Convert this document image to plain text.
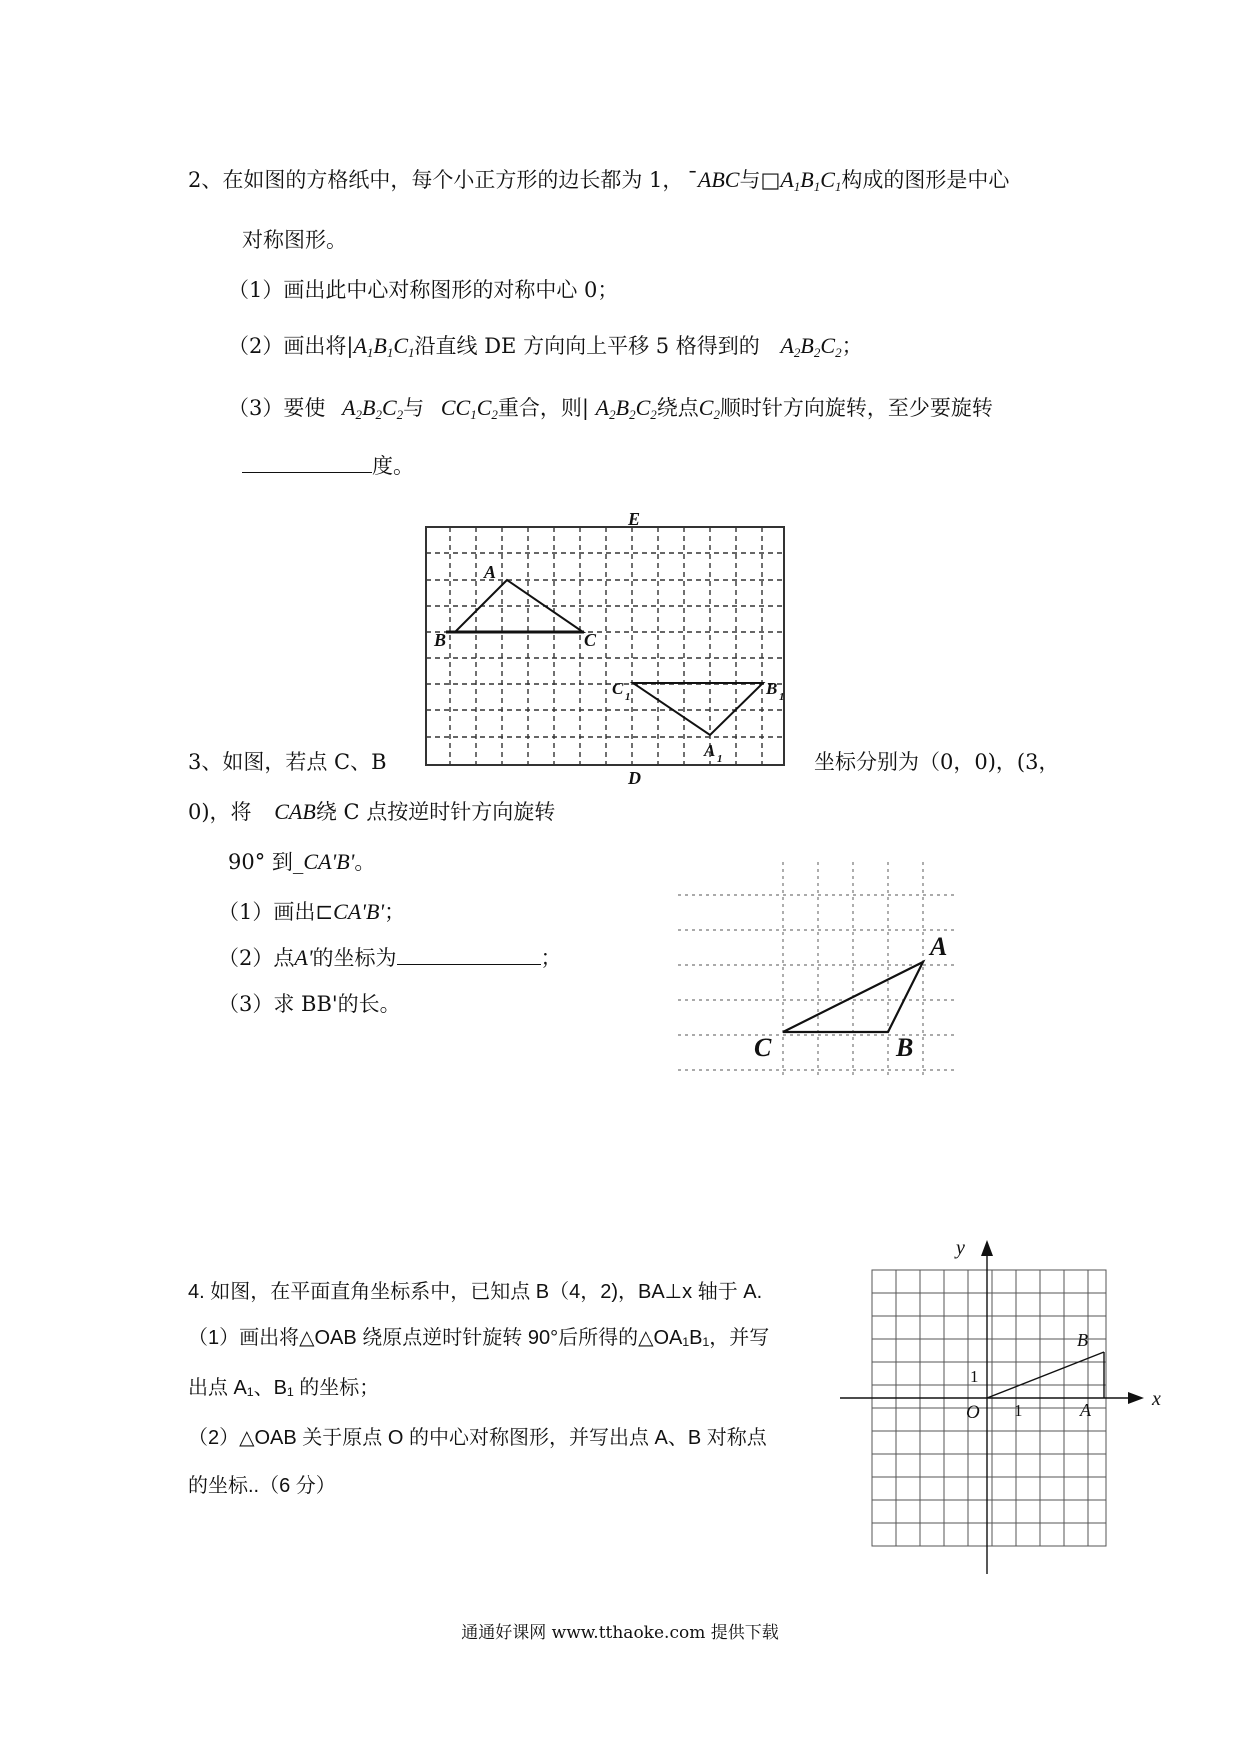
2、在如图的方格纸中，每个小正方形的边长都为 1， ¯ABC与$□A_1B_1C_1$构成的图形是中心
对称图形。
（1）画出此中心对称图形的对称中心 0；
（2）画出将$|A_1B_1C_1$沿直线 DE 方向向上平移 5 格得到的 $A_2B_2C_2$；
（3）要使 $A_2B_2C_2$与 $CC_1C_2$重合，则| $A_2B_2C_2$绕点$C_2$顺时针方向旋转，至少要旋转
度。
A
B	C
E
D
C 1	B 1
A 1
3、如图，若点 C、B	坐标分别为（0，0)，(3，
0)，将 CAB绕 C 点按逆时针方向旋转
90° 到_CA'B'。
（1）画出⊏CA'B'；
（2）点A'的坐标为	；
（3）求 BB'的长。
A
C	B
4. 如图，在平面直角坐标系中，已知点 B（4，2)，BA⊥x 轴于 A.
（1）画出将△OAB 绕原点逆时针旋转 90°后所得的△OA₁B₁，并写
出点 A₁、B₁ 的坐标；
（2）△OAB 关于原点 O 的中心对称图形，并写出点 A、B 对称点
的坐标..（6 分）
y
x
O	A
B
1
1
通通好课网 www.tthaoke.com 提供下载
